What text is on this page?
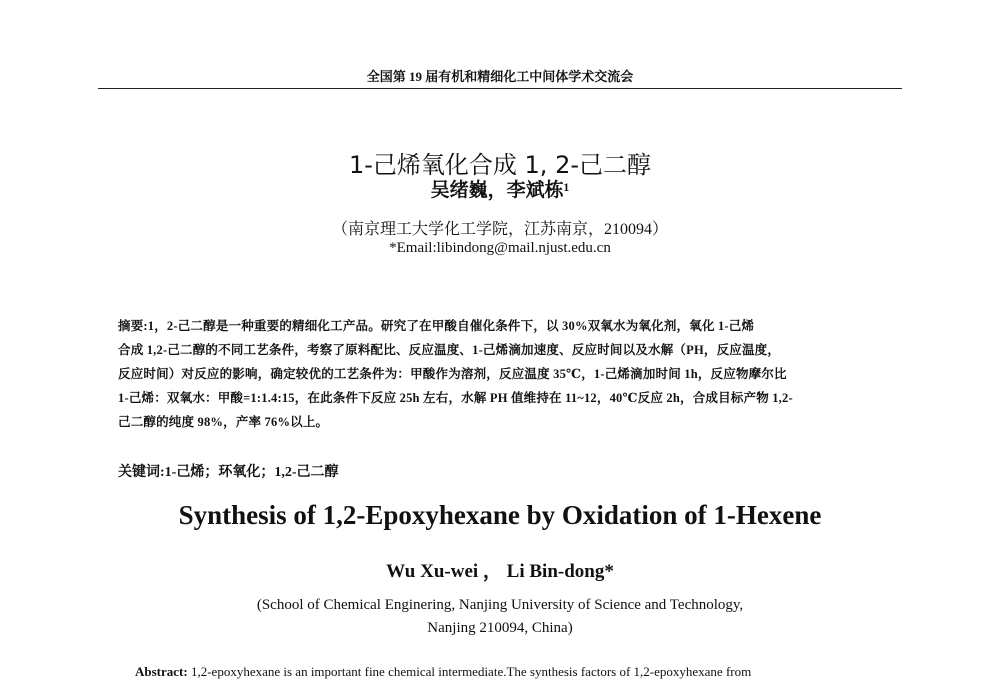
全国第 19 届有机和精细化工中间体学术交流会
1-己烯氧化合成 1, 2-己二醇
吴绪巍，李斌栋¹
（南京理工大学化工学院，江苏南京，210094）
*Email:libindong@mail.njust.edu.cn
摘要:1，2-己二醇是一种重要的精细化工产品。研究了在甲酸自催化条件下，以 30%双氧水为氧化剂，氧化 1-己烯
合成 1,2-己二醇的不同工艺条件，考察了原料配比、反应温度、1-己烯滴加速度、反应时间以及水解（PH，反应温度，
反应时间）对反应的影响，确定较优的工艺条件为：甲酸作为溶剂，反应温度 35℃，1-己烯滴加时间 1h，反应物摩尔比
1-己烯：双氧水：甲酸=1:1.4:15，在此条件下反应 25h 左右，水解 PH 值维持在 11~12，40℃反应 2h，合成目标产物 1,2-
己二醇的纯度 98%，产率 76%以上。
关键词:1-己烯；环氧化；1,2-己二醇
Synthesis of 1,2-Epoxyhexane by Oxidation of 1-Hexene
Wu Xu-wei ， Li Bin-dong*
(School of Chemical Enginering, Nanjing University of Science and Technology,
Nanjing 210094, China)
Abstract: 1,2-epoxyhexane is an important fine chemical intermediate.The synthesis factors of 1,2-epoxyhexane from
